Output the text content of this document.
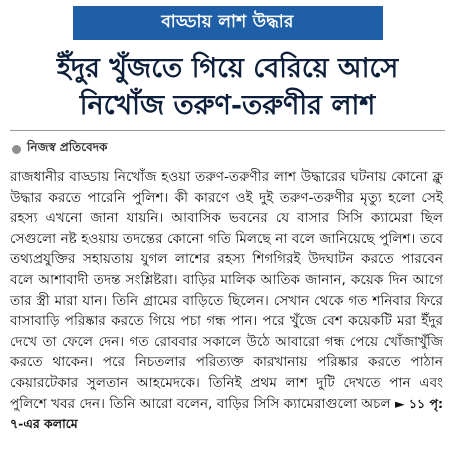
বাড্ডায় লাশ উদ্ধার
ইঁদুর খুঁজতে গিয়ে বেরিয়ে আসে
নিখোঁজ তরুণ-তরুণীর লাশ
নিজস্ব প্রতিবেদক
রাজধানীর বাড্ডায় নিখোঁজ হওয়া তরুণ-তরুণীর লাশ উদ্ধারের ঘটনায় কোনো ক্লু উদ্ধার করতে পারেনি পুলিশ। কী কারণে ওই দুই তরুণ-তরুণীর মৃত্যু হলো সেই রহস্য এখনো জানা যায়নি। আবাসিক ভবনের যে বাসার সিসি ক্যামেরা ছিল সেগুলো নষ্ট হওয়ায় তদন্তের কোনো গতি মিলছে না বলে জানিয়েছে পুলিশ। তবে তথ্যপ্রযুক্তির সহায়তায় যুগল লাশের রহস্য শিগগিরই উদঘাটন করতে পারবেন বলে আশাবাদী তদন্ত সংশ্লিষ্টরা। বাড়ির মালিক আতিক জানান, কয়েক দিন আগে তার স্ত্রী মারা যান। তিনি গ্রামের বাড়িতে ছিলেন। সেখান থেকে গত শনিবার ফিরে বাসাবাড়ি পরিষ্কার করতে গিয়ে পচা গন্ধ পান। পরে খুঁজে বেশ কয়েকটি মরা ইঁদুর দেখে তা ফেলে দেন। গত রোববার সকালে উঠে আবারো গন্ধ পেয়ে খোঁজাখুঁজি করতে থাকেন। পরে নিচতলার পরিত্যক্ত কারখানায় পরিষ্কার করতে পাঠান কেয়ারটেকার সুলতান আহমেদকে। তিনিই প্রথম লাশ দুটি দেখতে পান এবং পুলিশে খবর দেন। তিনি আরো বলেন, বাড়ির সিসি ক্যামেরাগুলো অচল ► ১১ পৃ: ৭-এর কলামে
